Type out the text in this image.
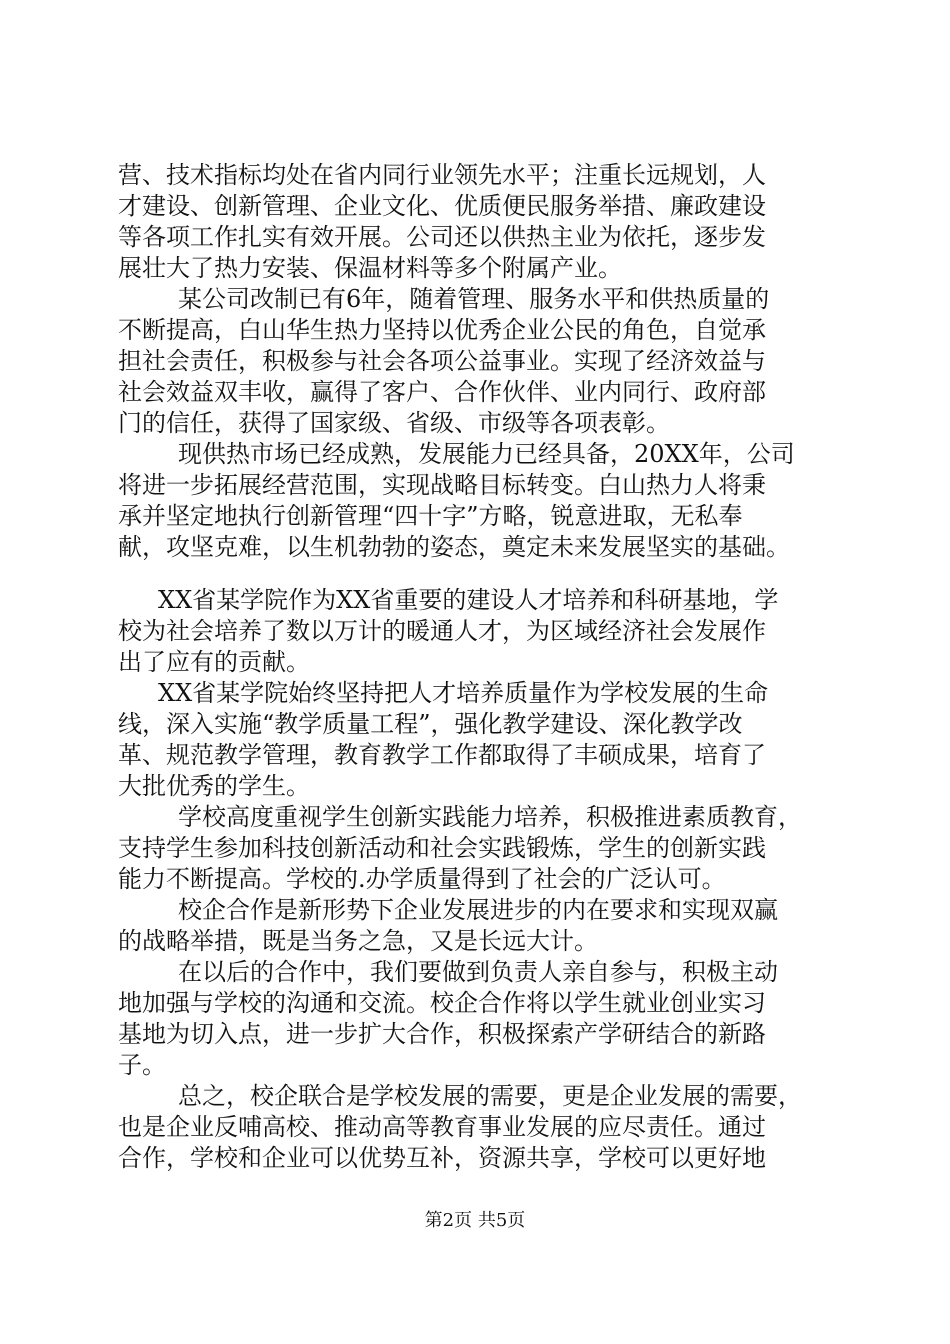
营、技术指标均处在省内同行业领先水平；注重长远规划，人
才建设、创新管理、企业文化、优质便民服务举措、廉政建设
等各项工作扎实有效开展。公司还以供热主业为依托，逐步发
展壮大了热力安装、保温材料等多个附属产业。
某公司改制已有6年，随着管理、服务水平和供热质量的
不断提高，白山华生热力坚持以优秀企业公民的角色，自觉承
担社会责任，积极参与社会各项公益事业。实现了经济效益与
社会效益双丰收，赢得了客户、合作伙伴、业内同行、政府部
门的信任，获得了国家级、省级、市级等各项表彰。
现供热市场已经成熟，发展能力已经具备，20XX年，公司
将进一步拓展经营范围，实现战略目标转变。白山热力人将秉
承并坚定地执行创新管理“四十字”方略，锐意进取，无私奉
献，攻坚克难，以生机勃勃的姿态，奠定未来发展坚实的基础。
XX省某学院作为XX省重要的建设人才培养和科研基地，学
校为社会培养了数以万计的暖通人才，为区域经济社会发展作
出了应有的贡献。
XX省某学院始终坚持把人才培养质量作为学校发展的生命
线，深入实施“教学质量工程”，强化教学建设、深化教学改
革、规范教学管理，教育教学工作都取得了丰硕成果，培育了
大批优秀的学生。
学校高度重视学生创新实践能力培养，积极推进素质教育，
支持学生参加科技创新活动和社会实践锻炼，学生的创新实践
能力不断提高。学校的.办学质量得到了社会的广泛认可。
校企合作是新形势下企业发展进步的内在要求和实现双赢
的战略举措，既是当务之急，又是长远大计。
在以后的合作中，我们要做到负责人亲自参与，积极主动
地加强与学校的沟通和交流。校企合作将以学生就业创业实习
基地为切入点，进一步扩大合作，积极探索产学研结合的新路
子。
总之，校企联合是学校发展的需要，更是企业发展的需要，
也是企业反哺高校、推动高等教育事业发展的应尽责任。通过
合作，学校和企业可以优势互补，资源共享，学校可以更好地
第2页 共5页
